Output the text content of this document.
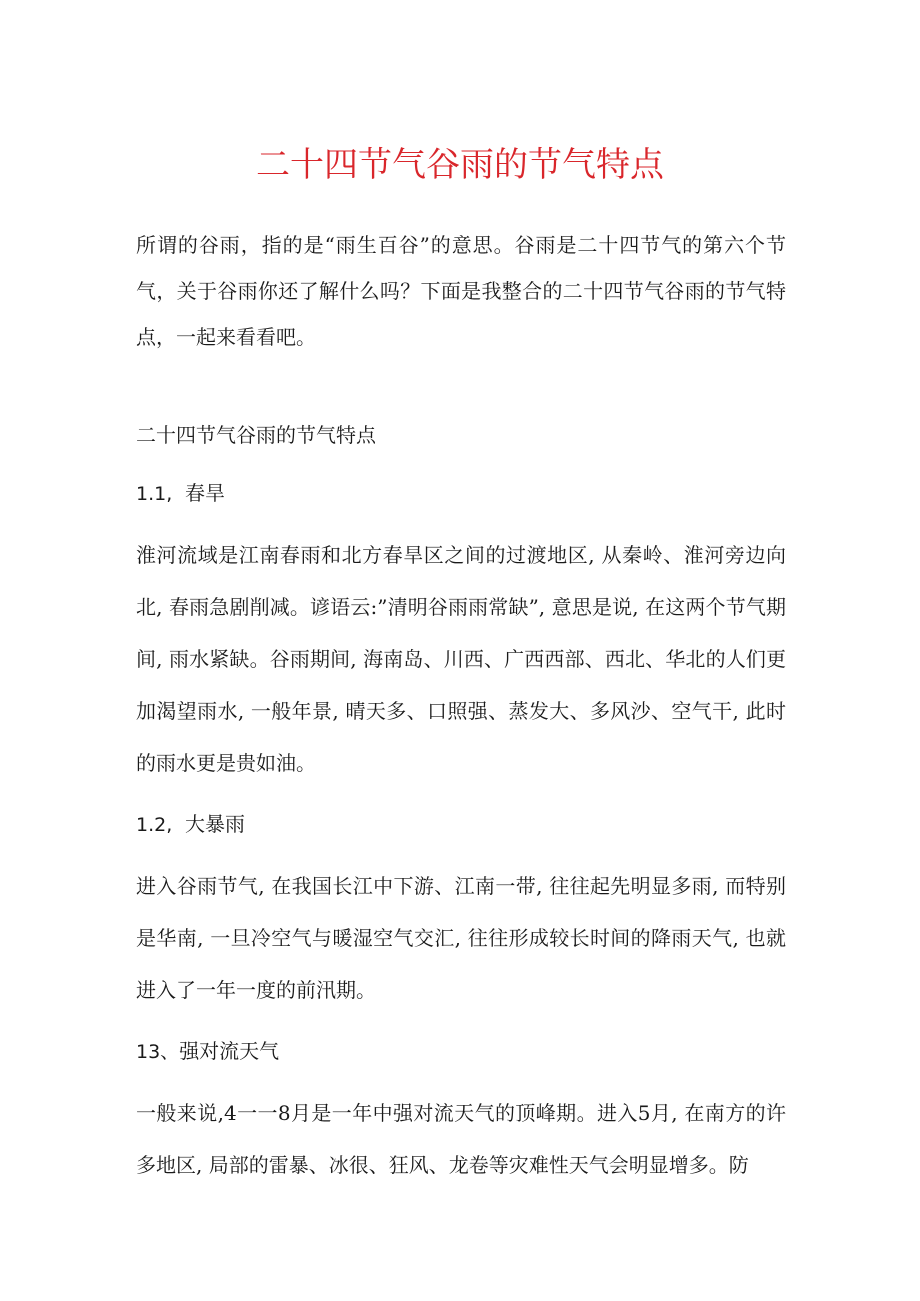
二十四节气谷雨的节气特点

所谓的谷雨，指的是“雨生百谷”的意思。谷雨是二十四节气的第六个节气，关于谷雨你还了解什么吗？下面是我整合的二十四节气谷雨的节气特点，一起来看看吧。

二十四节气谷雨的节气特点

1.1, 春旱

淮河流域是江南春雨和北方春旱区之间的过渡地区, 从秦岭、淮河旁边向北, 春雨急剧削减。谚语云:”清明谷雨雨常缺”, 意思是说, 在这两个节气期间, 雨水紧缺。谷雨期间, 海南岛、川西、广西西部、西北、华北的人们更加渴望雨水, 一般年景, 晴天多、口照强、蒸发大、多风沙、空气干, 此时的雨水更是贵如油。

1.2, 大暴雨

进入谷雨节气, 在我国长江中下游、江南一带, 往往起先明显多雨, 而特别是华南, 一旦冷空气与暖湿空气交汇, 往往形成较长时间的降雨天气, 也就进入了一年一度的前汛期。

13、强对流天气

一般来说,4一一8月是一年中强对流天气的顶峰期。进入5月, 在南方的许多地区, 局部的雷暴、冰很、狂风、龙卷等灾难性天气会明显增多。防
